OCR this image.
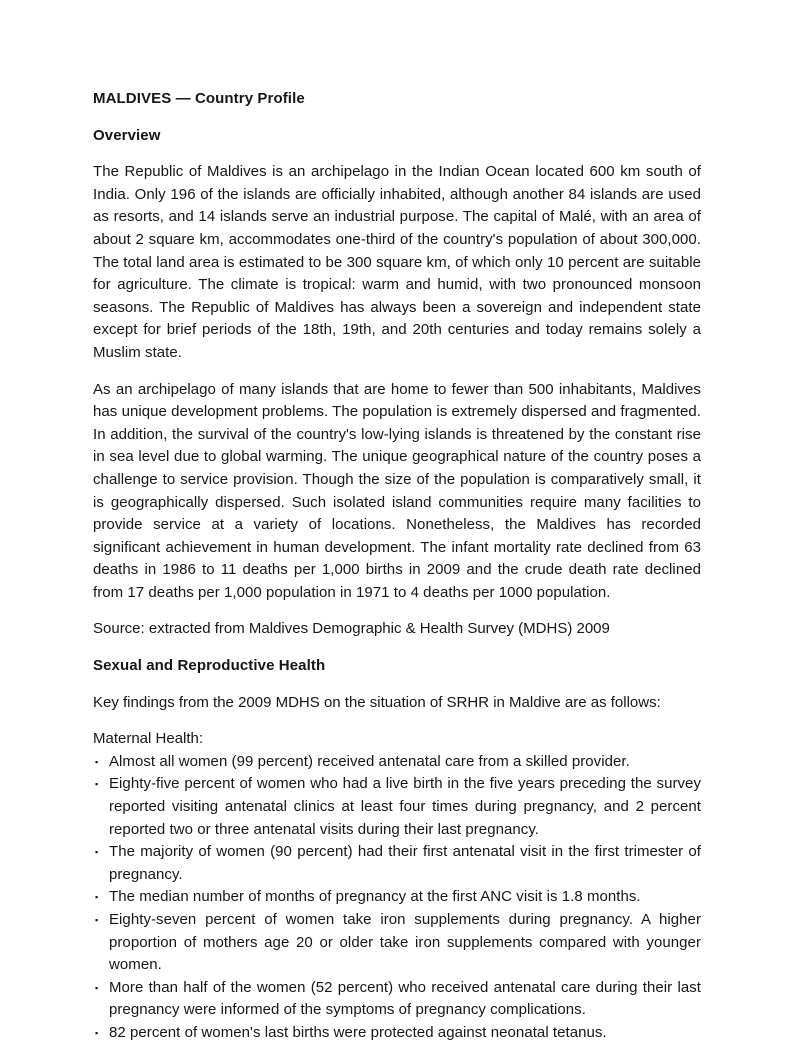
MALDIVES — Country Profile
Overview

The Republic of Maldives is an archipelago in the Indian Ocean located 600 km south of India. Only 196 of the islands are officially inhabited, although another 84 islands are used as resorts, and 14 islands serve an industrial purpose. The capital of Malé, with an area of about 2 square km, accommodates one-third of the country's population of about 300,000. The total land area is estimated to be 300 square km, of which only 10 percent are suitable for agriculture. The climate is tropical: warm and humid, with two pronounced monsoon seasons. The Republic of Maldives has always been a sovereign and independent state except for brief periods of the 18th, 19th, and 20th centuries and today remains solely a Muslim state.

As an archipelago of many islands that are home to fewer than 500 inhabitants, Maldives has unique development problems. The population is extremely dispersed and fragmented. In addition, the survival of the country's low-lying islands is threatened by the constant rise in sea level due to global warming. The unique geographical nature of the country poses a challenge to service provision. Though the size of the population is comparatively small, it is geographically dispersed. Such isolated island communities require many facilities to provide service at a variety of locations. Nonetheless, the Maldives has recorded significant achievement in human development. The infant mortality rate declined from 63 deaths in 1986 to 11 deaths per 1,000 births in 2009 and the crude death rate declined from 17 deaths per 1,000 population in 1971 to 4 deaths per 1000 population.

Source: extracted from Maldives Demographic & Health Survey (MDHS) 2009

Sexual and Reproductive Health

Key findings from the 2009 MDHS on the situation of SRHR in Maldive are as follows:

Maternal Health:

▪ Almost all women (99 percent) received antenatal care from a skilled provider.
▪ Eighty-five percent of women who had a live birth in the five years preceding the survey reported visiting antenatal clinics at least four times during pregnancy, and 2 percent reported two or three antenatal visits during their last pregnancy.
▪ The majority of women (90 percent) had their first antenatal visit in the first trimester of pregnancy.
▪ The median number of months of pregnancy at the first ANC visit is 1.8 months.
▪ Eighty-seven percent of women take iron supplements during pregnancy. A higher proportion of mothers age 20 or older take iron supplements compared with younger women.
▪ More than half of the women (52 percent) who received antenatal care during their last pregnancy were informed of the symptoms of pregnancy complications.
▪ 82 percent of women's last births were protected against neonatal tetanus.
